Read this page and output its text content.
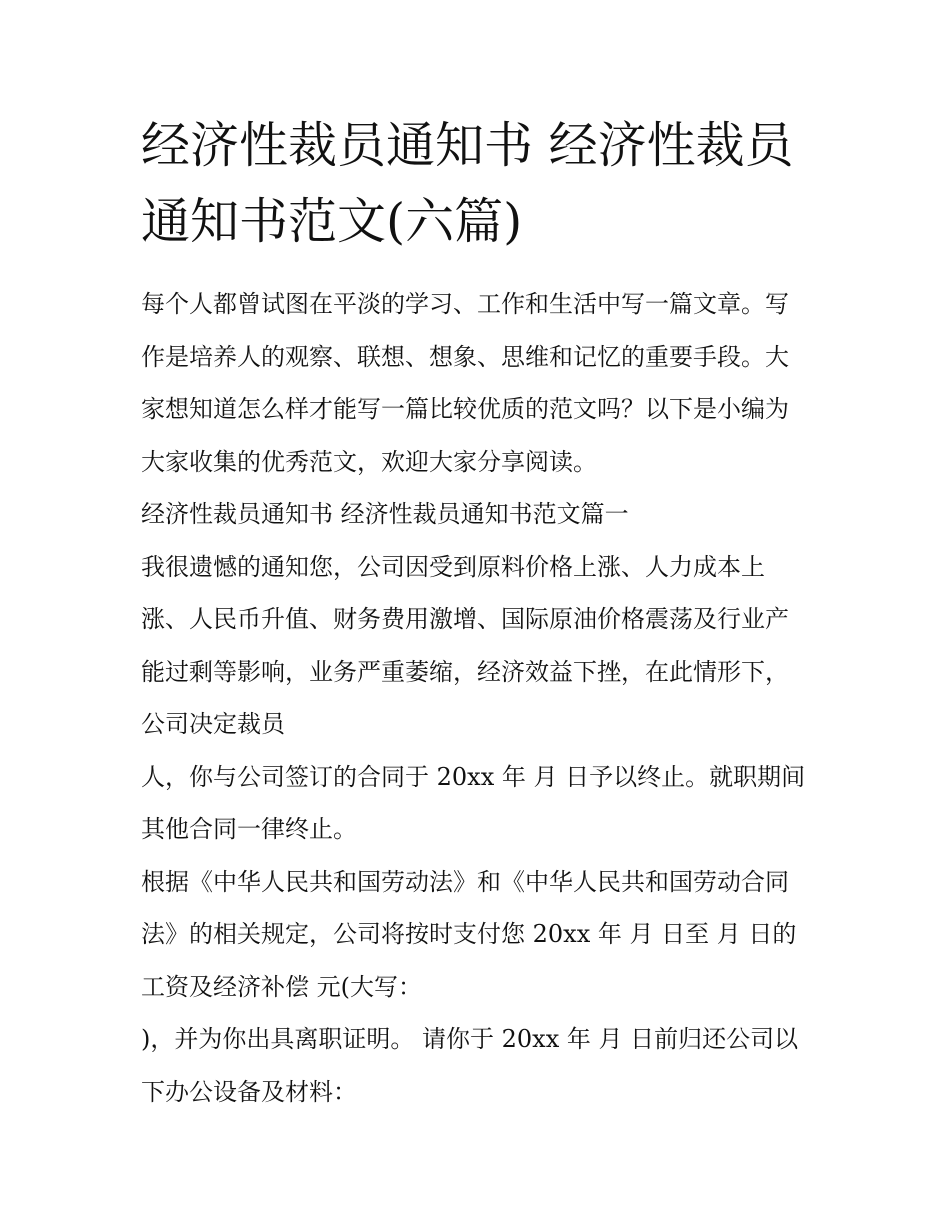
经济性裁员通知书 经济性裁员
通知书范文(六篇)

每个人都曾试图在平淡的学习、工作和生活中写一篇文章。写

作是培养人的观察、联想、想象、思维和记忆的重要手段。大

家想知道怎么样才能写一篇比较优质的范文吗？以下是小编为

大家收集的优秀范文，欢迎大家分享阅读。

经济性裁员通知书 经济性裁员通知书范文篇一

我很遗憾的通知您，公司因受到原料价格上涨、人力成本上

涨、人民币升值、财务费用激增、国际原油价格震荡及行业产

能过剩等影响，业务严重萎缩，经济效益下挫，在此情形下，

公司决定裁员

人，你与公司签订的合同于 20xx 年 月 日予以终止。就职期间

其他合同一律终止。

根据《中华人民共和国劳动法》和《中华人民共和国劳动合同

法》的相关规定，公司将按时支付您 20xx 年 月 日至 月 日的

工资及经济补偿 元(大写：

)，并为你出具离职证明。 请你于 20xx 年 月 日前归还公司以

下办公设备及材料：
